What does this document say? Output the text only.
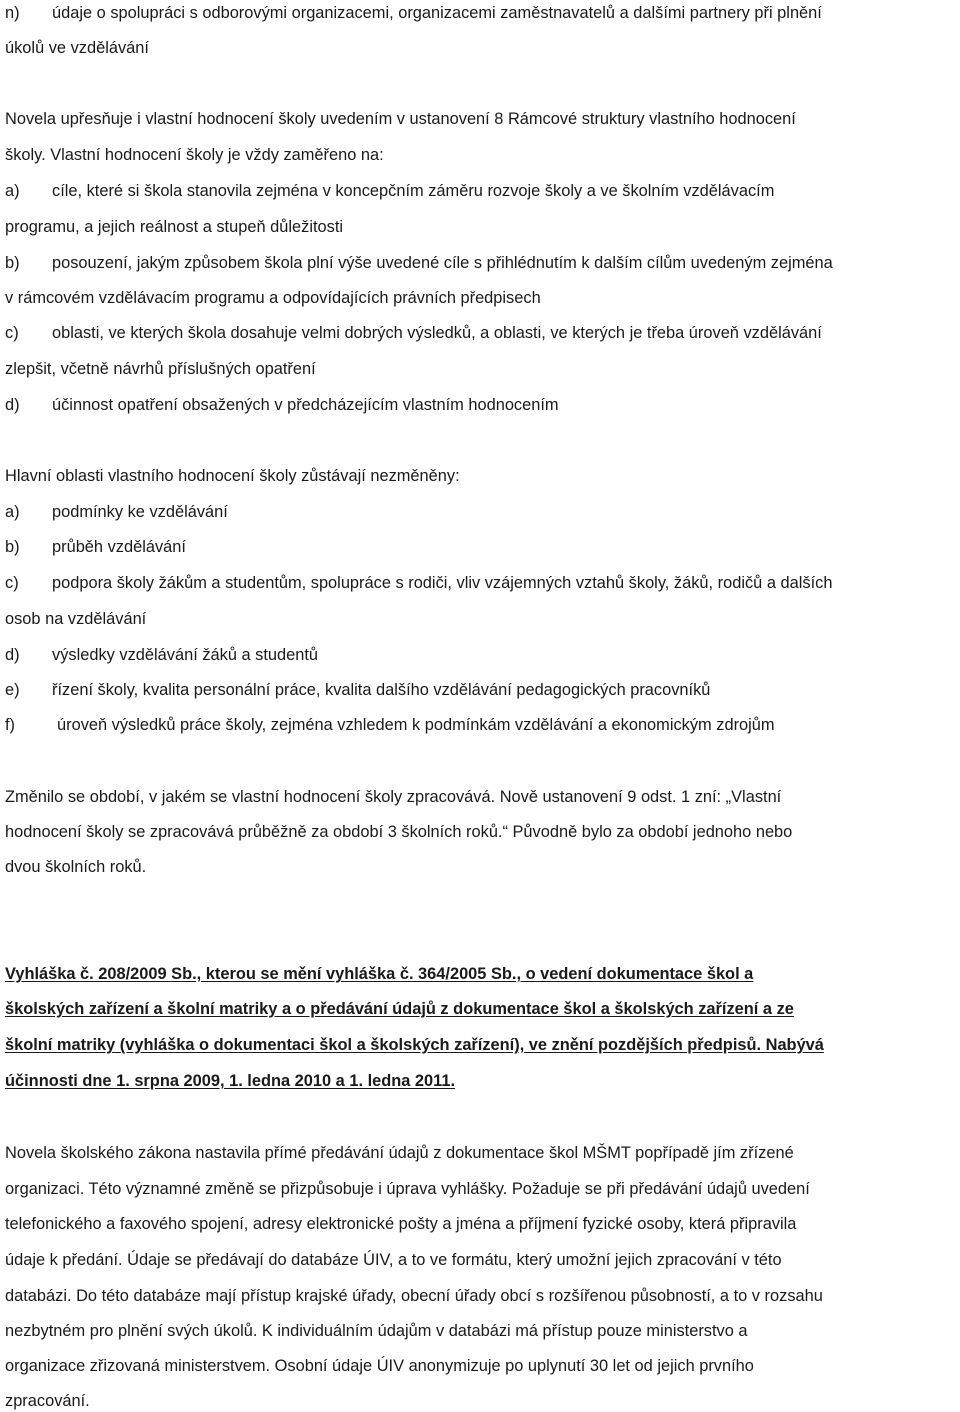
n) údaje o spolupráci s odborovými organizacemi, organizacemi zaměstnavatelů a dalšími partnery při plnění
úkolů ve vzdělávání
Novela upřesňuje i vlastní hodnocení školy uvedením v ustanovení 8 Rámcové struktury vlastního hodnocení
školy. Vlastní hodnocení školy je vždy zaměřeno na:
a) cíle, které si škola stanovila zejména v koncepčním záměru rozvoje školy a ve školním vzdělávacím
programu, a jejich reálnost a stupeň důležitosti
b) posouzení, jakým způsobem škola plní výše uvedené cíle s přihlédnutím k dalším cílům uvedeným zejména
v rámcovém vzdělávacím programu a odpovídajících právních předpisech
c) oblasti, ve kterých škola dosahuje velmi dobrých výsledků, a oblasti, ve kterých je třeba úroveň vzdělávání
zlepšit, včetně návrhů příslušných opatření
d) účinnost opatření obsažených v předcházejícím vlastním hodnocením
Hlavní oblasti vlastního hodnocení školy zůstávají nezměněny:
a) podmínky ke vzdělávání
b) průběh vzdělávání
c) podpora školy žákům a studentům, spolupráce s rodiči, vliv vzájemných vztahů školy, žáků, rodičů a dalších
osob na vzdělávání
d) výsledky vzdělávání žáků a studentů
e) řízení školy, kvalita personální práce, kvalita dalšího vzdělávání pedagogických pracovníků
f)	úroveň výsledků práce školy, zejména vzhledem k podmínkám vzdělávání a ekonomickým zdrojům
Změnilo se období, v jakém se vlastní hodnocení školy zpracovává. Nově ustanovení 9 odst. 1 zní: „Vlastní
hodnocení školy se zpracovává průběžně za období 3 školních roků.“ Původně bylo za období jednoho nebo
dvou školních roků.
Vyhláška č. 208/2009 Sb., kterou se mění vyhláška č. 364/2005 Sb., o vedení dokumentace škol a
školských zařízení a školní matriky a o předávání údajů z dokumentace škol a školských zařízení a ze
školní matriky (vyhláška o dokumentaci škol a školských zařízení), ve znění pozdějších předpisů. Nabývá
účinnosti dne 1. srpna 2009, 1. ledna 2010 a 1. ledna 2011.
Novela školského zákona nastavila přímé předávání údajů z dokumentace škol MŠMT popřípadě jím zřízené
organizaci. Této významné změně se přizpůsobuje i úprava vyhlášky. Požaduje se při předávání údajů uvedení
telefonického a faxového spojení, adresy elektronické pošty a jména a příjmení fyzické osoby, která připravila
údaje k předání. Údaje se předávají do databáze ÚIV, a to ve formátu, který umožní jejich zpracování v této
databázi. Do této databáze mají přístup krajské úřady, obecní úřady obcí s rozšířenou působností, a to v rozsahu
nezbytném pro plnění svých úkolů. K individuálním údajům v databázi má přístup pouze ministerstvo a
organizace zřizovaná ministerstvem. Osobní údaje ÚIV anonymizuje po uplynutí 30 let od jejich prvního
zpracování.
